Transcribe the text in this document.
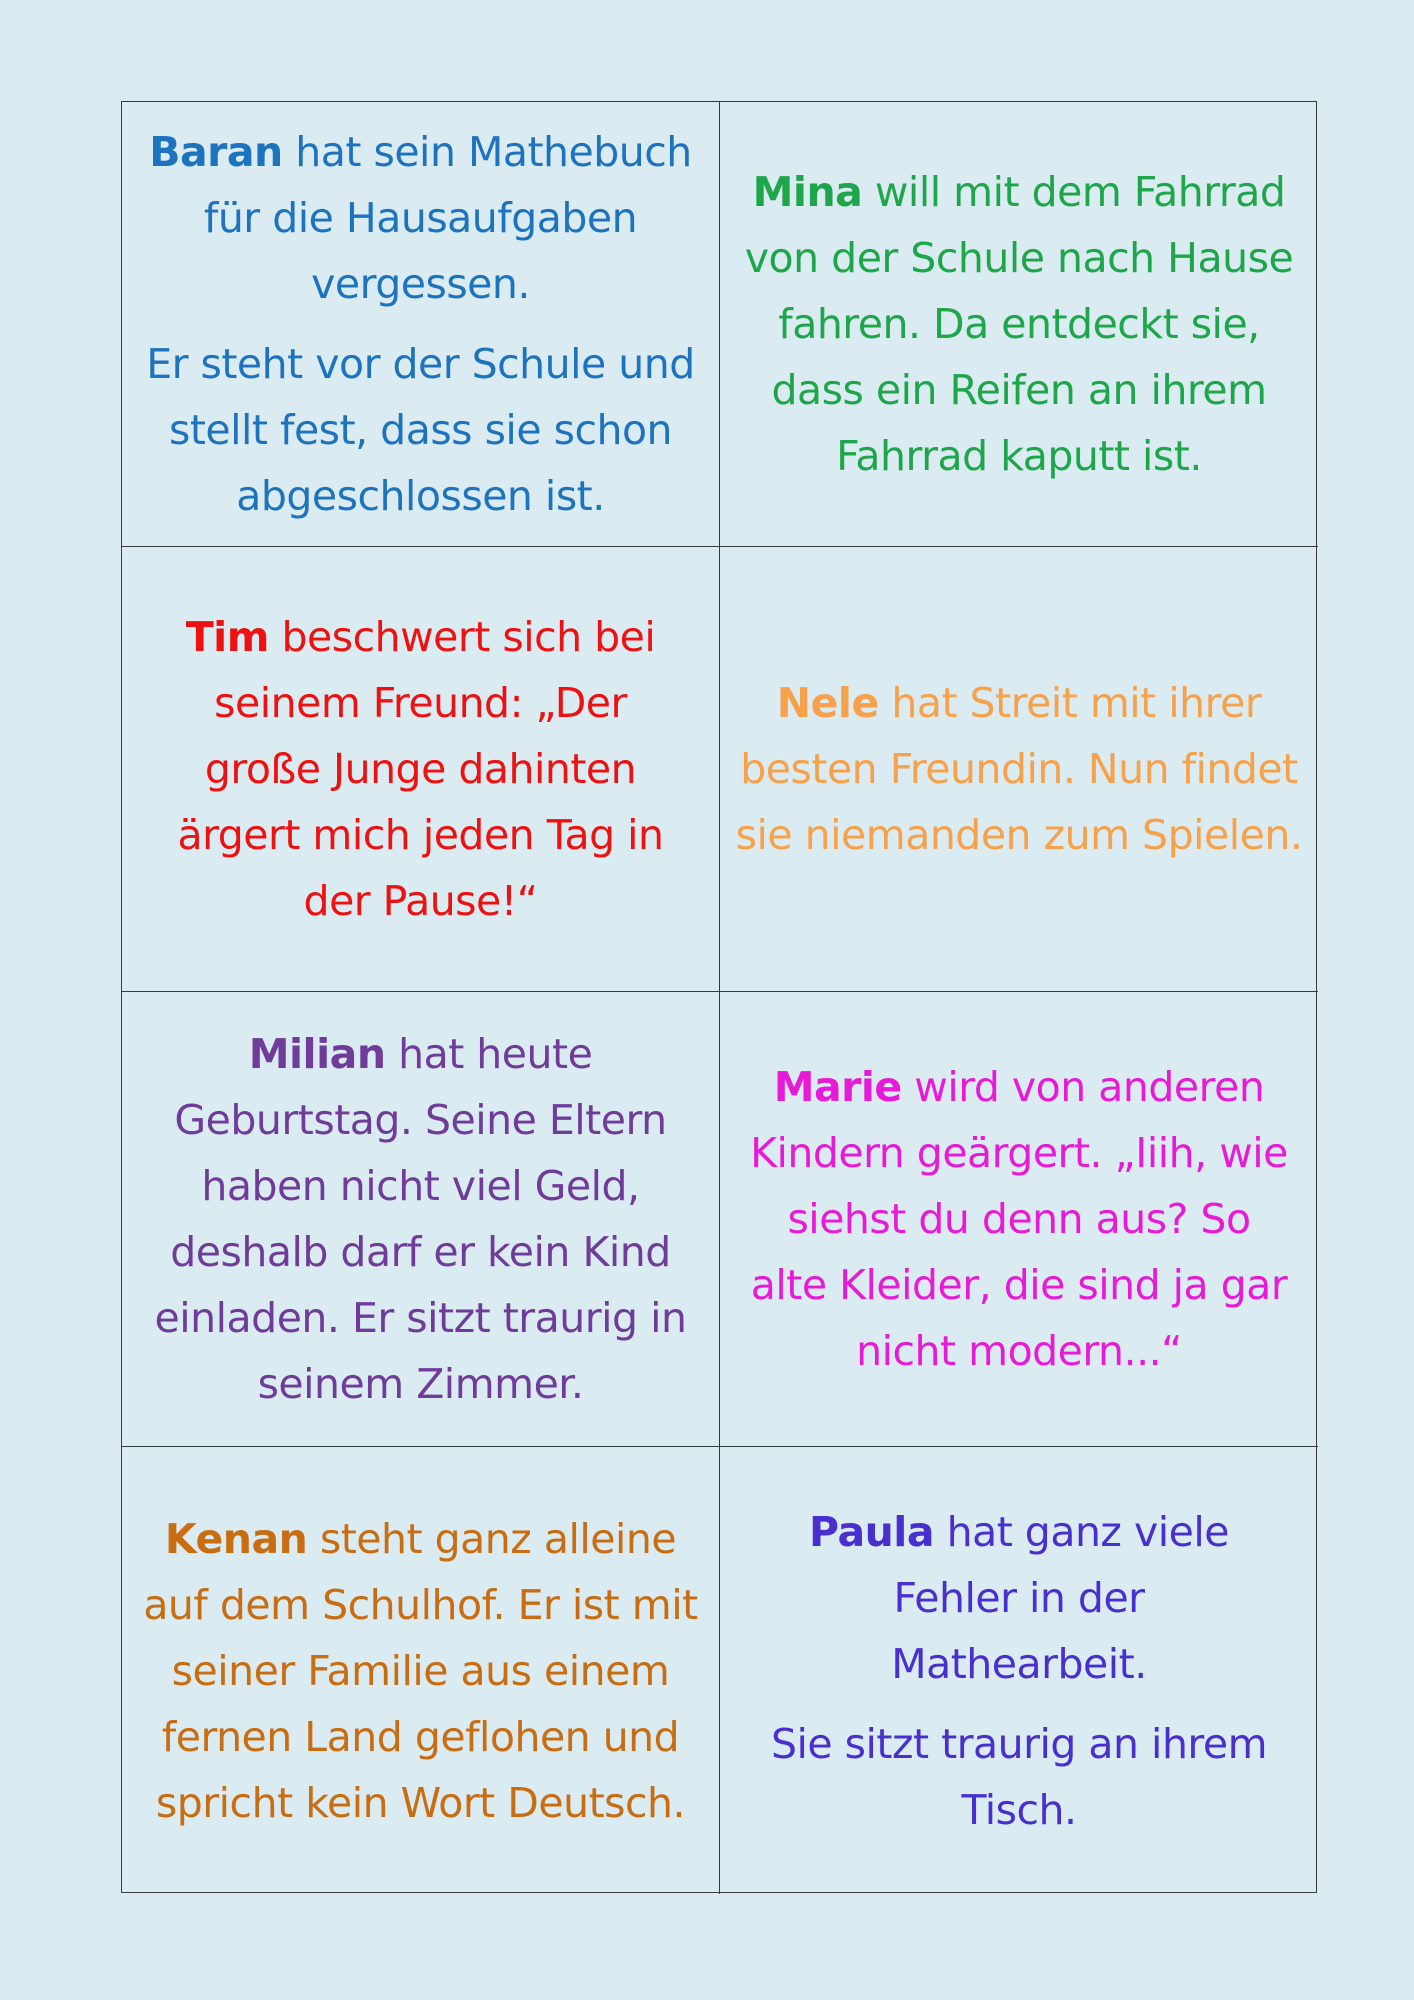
Baran hat sein Mathebuch für die Hausaufgaben vergessen.

Er steht vor der Schule und stellt fest, dass sie schon abgeschlossen ist.

Mina will mit dem Fahrrad von der Schule nach Hause fahren. Da entdeckt sie, dass ein Reifen an ihrem Fahrrad kaputt ist.

Tim beschwert sich bei seinem Freund: „Der große Junge dahinten ärgert mich jeden Tag in der Pause!“

Nele hat Streit mit ihrer besten Freundin. Nun findet sie niemanden zum Spielen.

Milian hat heute Geburtstag. Seine Eltern haben nicht viel Geld, deshalb darf er kein Kind einladen. Er sitzt traurig in seinem Zimmer.

Marie wird von anderen Kindern geärgert. „Iiih, wie siehst du denn aus? So alte Kleider, die sind ja gar nicht modern...“

Kenan steht ganz alleine auf dem Schulhof. Er ist mit seiner Familie aus einem fernen Land geflohen und spricht kein Wort Deutsch.

Paula hat ganz viele Fehler in der Mathearbeit.

Sie sitzt traurig an ihrem Tisch.
